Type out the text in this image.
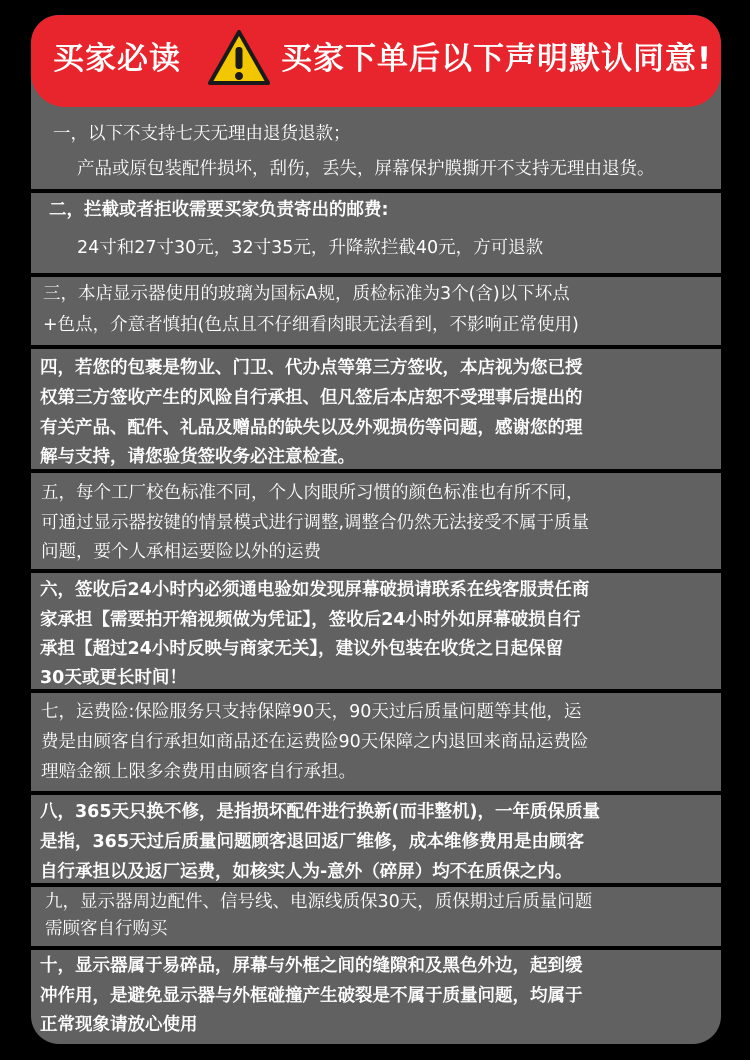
买家必读	买家下单后以下声明默认同意!
一，以下不支持七天无理由退货退款；
产品或原包装配件损坏，刮伤，丢失，屏幕保护膜撕开不支持无理由退货。
二，拦截或者拒收需要买家负责寄出的邮费:
24寸和27寸30元，32寸35元，升降款拦截40元，方可退款
三，本店显示器使用的玻璃为国标A规，质检标准为3个(含)以下坏点
+色点，介意者慎拍(色点且不仔细看肉眼无法看到，不影响正常使用)
四，若您的包裹是物业、门卫、代办点等第三方签收，本店视为您已授
权第三方签收产生的风险自行承担、但凡签后本店恕不受理事后提出的
有关产品、配件、礼品及赠品的缺失以及外观损伤等问题，感谢您的理
解与支持，请您验货签收务必注意检查。
五，每个工厂校色标准不同，个人肉眼所习惯的颜色标准也有所不同，
可通过显示器按键的情景模式进行调整,调整合仍然无法接受不属于质量
问题，要个人承相运要险以外的运费
六，签收后24小时内必须通电验如发现屏幕破损请联系在线客服责任商
家承担【需要拍开箱视频做为凭证】，签收后24小时外如屏幕破损自行
承担【超过24小时反映与商家无关】，建议外包装在收货之日起保留
30天或更长时间！
七，运费险:保险服务只支持保障90天，90天过后质量问题等其他，运
费是由顾客自行承担如商品还在运费险90天保障之内退回来商品运费险
理赔金额上限多余费用由顾客自行承担。
八，365天只换不修，是指损坏配件进行换新(而非整机)，一年质保质量
是指，365天过后质量问题顾客退回返厂维修，成本维修费用是由顾客
自行承担以及返厂运费，如核实人为-意外（碎屏）均不在质保之内。
九，显示器周边配件、信号线、电源线质保30天，质保期过后质量问题
需顾客自行购买
十，显示器属于易碎品，屏幕与外框之间的缝隙和及黑色外边，起到缓
冲作用，是避免显示器与外框碰撞产生破裂是不属于质量问题，均属于
正常现象请放心使用
